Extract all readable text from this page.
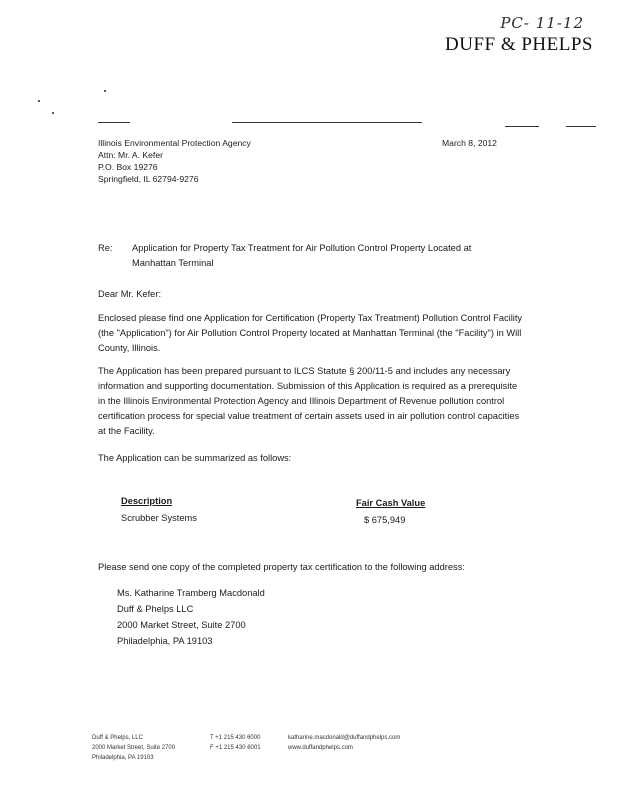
PC- 11-12
DUFF & PHELPS
Illinois Environmental Protection Agency
Attn: Mr. A. Kefer
P.O. Box 19276
Springfield, IL 62794-9276
March 8, 2012
Re: Application for Property Tax Treatment for Air Pollution Control Property Located at Manhattan Terminal
Dear Mr. Kefer:
Enclosed please find one Application for Certification (Property Tax Treatment) Pollution Control Facility (the "Application") for Air Pollution Control Property located at Manhattan Terminal (the "Facility") in Will County, Illinois.
The Application has been prepared pursuant to ILCS Statute § 200/11-5 and includes any necessary information and supporting documentation. Submission of this Application is required as a prerequisite in the Illinois Environmental Protection Agency and Illinois Department of Revenue pollution control certification process for special value treatment of certain assets used in air pollution control capacities at the Facility.
The Application can be summarized as follows:
Description	Fair Cash Value
Scrubber Systems	$ 675,949
Please send one copy of the completed property tax certification to the following address:
Ms. Katharine Tramberg Macdonald
Duff & Phelps LLC
2000 Market Street, Suite 2700
Philadelphia, PA 19103
Duff & Phelps, LLC
2000 Market Street, Suite 2700
Philadelphia, PA 19103
T +1 215 430 6000
F +1 215 430 6001
katharine.macdonald@duffandphelps.com
www.duffandphelps.com
